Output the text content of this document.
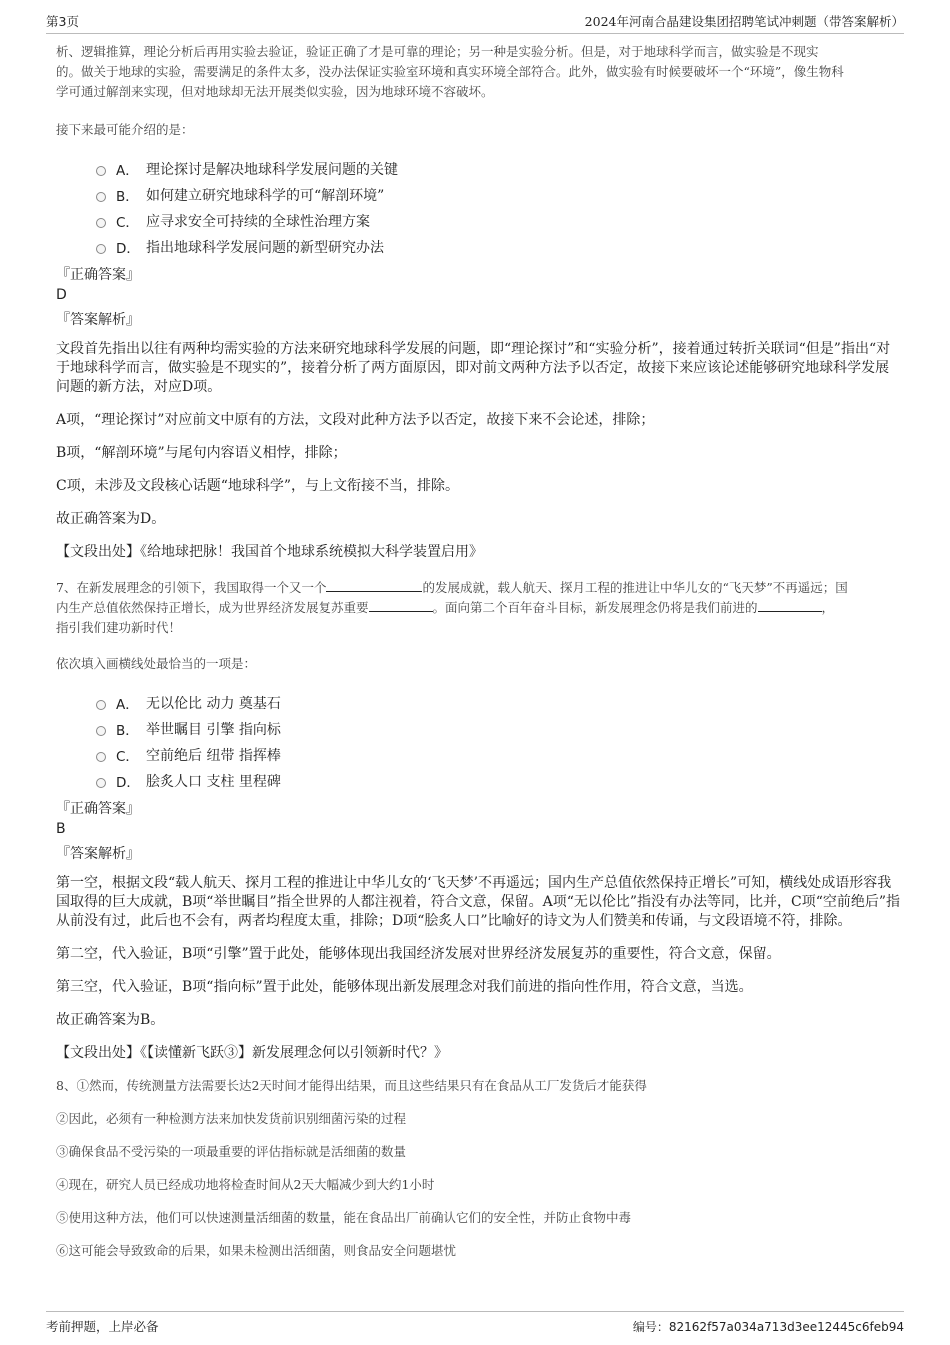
第3页	2024年河南合晶建设集团招聘笔试冲刺题（带答案解析）
析、逻辑推算，理论分析后再用实验去验证，验证正确了才是可靠的理论；另一种是实验分析。但是，对于地球科学而言，做实验是不现实
的。做关于地球的实验，需要满足的条件太多，没办法保证实验室环境和真实环境全部符合。此外，做实验有时候要破坏一个“环境”，像生物科
学可通过解剖来实现，但对地球却无法开展类似实验，因为地球环境不容破坏。
接下来最可能介绍的是：
A． 理论探讨是解决地球科学发展问题的关键
B． 如何建立研究地球科学的可“解剖环境”
C． 应寻求安全可持续的全球性治理方案
D． 指出地球科学发展问题的新型研究办法
『正确答案』
D
『答案解析』
文段首先指出以往有两种均需实验的方法来研究地球科学发展的问题，即“理论探讨”和“实验分析”，接着通过转折关联词“但是”指出“对于地球科学而言，做实验是不现实的”，接着分析了两方面原因，即对前文两种方法予以否定，故接下来应该论述能够研究地球科学发展问题的新方法，对应D项。
A项，“理论探讨”对应前文中原有的方法，文段对此种方法予以否定，故接下来不会论述，排除；
B项，“解剖环境”与尾句内容语义相悖，排除；
C项，未涉及文段核心话题“地球科学”，与上文衔接不当，排除。
故正确答案为D。
【文段出处】《给地球把脉！我国首个地球系统模拟大科学装置启用》
7、在新发展理念的引领下，我国取得一个又一个	的发展成就，载人航天、探月工程的推进让中华儿女的“飞天梦”不再遥远；国
内生产总值依然保持正增长，成为世界经济发展复苏重要	。面向第二个百年奋斗目标，新发展理念仍将是我们前进的	，
指引我们建功新时代！
依次填入画横线处最恰当的一项是：
A． 无以伦比 动力 奠基石
B． 举世瞩目 引擎 指向标
C． 空前绝后 纽带 指挥棒
D． 脍炙人口 支柱 里程碑
『正确答案』
B
『答案解析』
第一空，根据文段“载人航天、探月工程的推进让中华儿女的‘飞天梦’不再遥远；国内生产总值依然保持正增长”可知，横线处成语形容我国取得的巨大成就，B项“举世瞩目”指全世界的人都注视着，符合文意，保留。A项“无以伦比”指没有办法等同，比并，C项“空前绝后”指从前没有过，此后也不会有，两者均程度太重，排除；D项“脍炙人口”比喻好的诗文为人们赞美和传诵，与文段语境不符，排除。
第二空，代入验证，B项“引擎”置于此处，能够体现出我国经济发展对世界经济发展复苏的重要性，符合文意，保留。
第三空，代入验证，B项“指向标”置于此处，能够体现出新发展理念对我们前进的指向性作用，符合文意，当选。
故正确答案为B。
【文段出处】《【读懂新飞跃③】新发展理念何以引领新时代？》
8、①然而，传统测量方法需要长达2天时间才能得出结果，而且这些结果只有在食品从工厂发货后才能获得
②因此，必须有一种检测方法来加快发货前识别细菌污染的过程
③确保食品不受污染的一项最重要的评估指标就是活细菌的数量
④现在，研究人员已经成功地将检查时间从2天大幅减少到大约1小时
⑤使用这种方法，他们可以快速测量活细菌的数量，能在食品出厂前确认它们的安全性，并防止食物中毒
⑥这可能会导致致命的后果，如果未检测出活细菌，则食品安全问题堪忧
考前押题，上岸必备	编号：82162f57a034a713d3ee12445c6feb94
